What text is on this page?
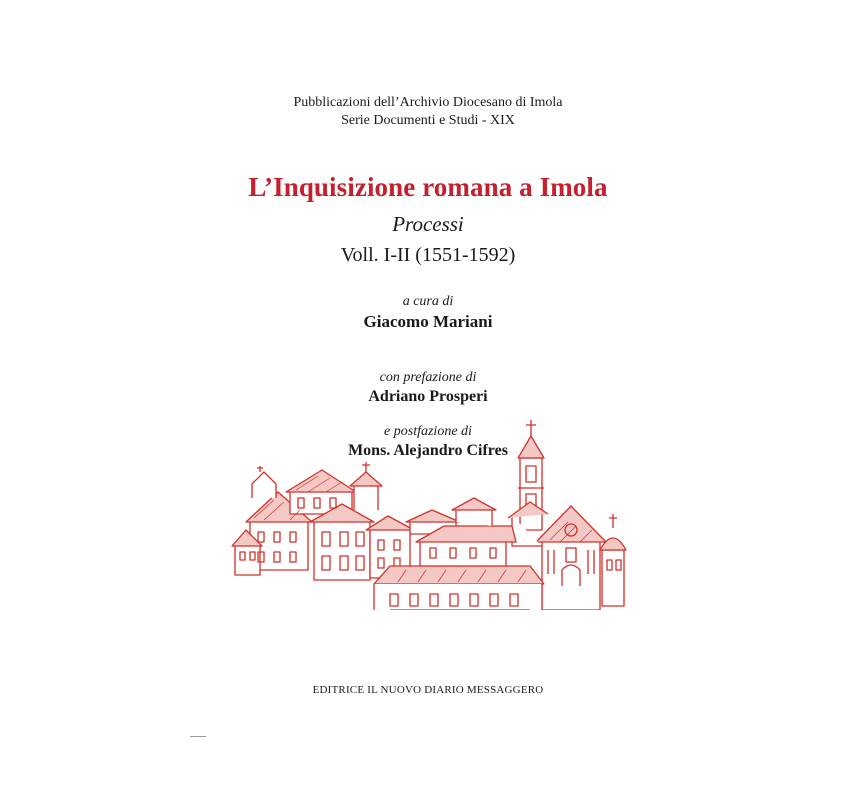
Pubblicazioni dell’Archivio Diocesano di Imola
Serie Documenti e Studi - XIX
L’Inquisizione romana a Imola
Processi
Voll. I-II (1551-1592)
a cura di
Giacomo Mariani
con prefazione di
Adriano Prosperi
e postfazione di
Mons. Alejandro Cifres
EDITRICE IL NUOVO DIARIO MESSAGGERO
